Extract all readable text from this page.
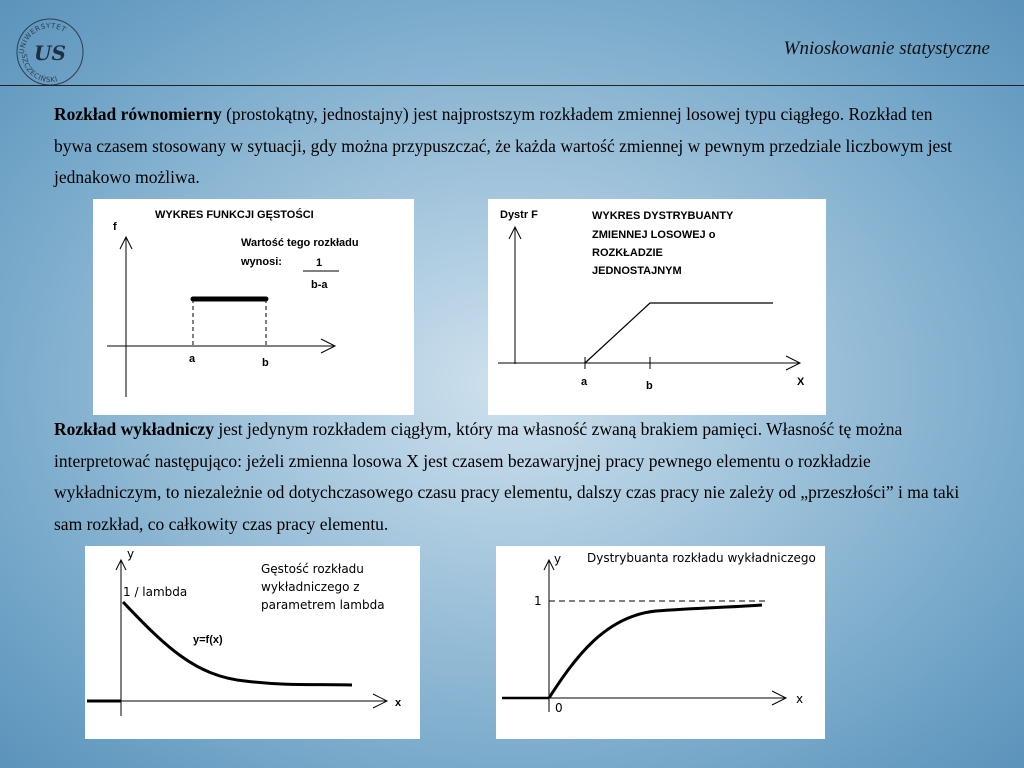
UNIWERSYTET
SZCZECIŃSKI
US	Wnioskowanie statystyczne
Rozkład równomierny (prostokątny, jednostajny) jest najprostszym rozkładem zmiennej losowej typu ciągłego. Rozkład ten bywa czasem stosowany w sytuacji, gdy można przypuszczać, że każda wartość zmiennej w pewnym przedziale liczbowym jest jednakowo możliwa.
WYKRES FUNKCJI GĘSTOŚCI
f
Wartość tego rozkładu
wynosi:	1
b-a
a	b
Dystr F	WYKRES DYSTRYBUANTY
ZMIENNEJ LOSOWEJ o
ROZKŁADZIE
JEDNOSTAJNYM
a	b	X
Rozkład wykładniczy jest jedynym rozkładem ciągłym, który ma własność zwaną brakiem pamięci. Własność tę można interpretować następująco: jeżeli zmienna losowa X jest czasem bezawaryjnej pracy pewnego elementu o rozkładzie wykładniczym, to niezależnie od dotychczasowego czasu pracy elementu, dalszy czas pracy nie zależy od „przeszłości” i ma taki sam rozkład, co całkowity czas pracy elementu.
y
1 / lambda
Gęstość rozkładu
wykładniczego z
parametrem lambda
y=f(x)
x
y Dystrybuanta rozkładu wykładniczego
1
0
x
